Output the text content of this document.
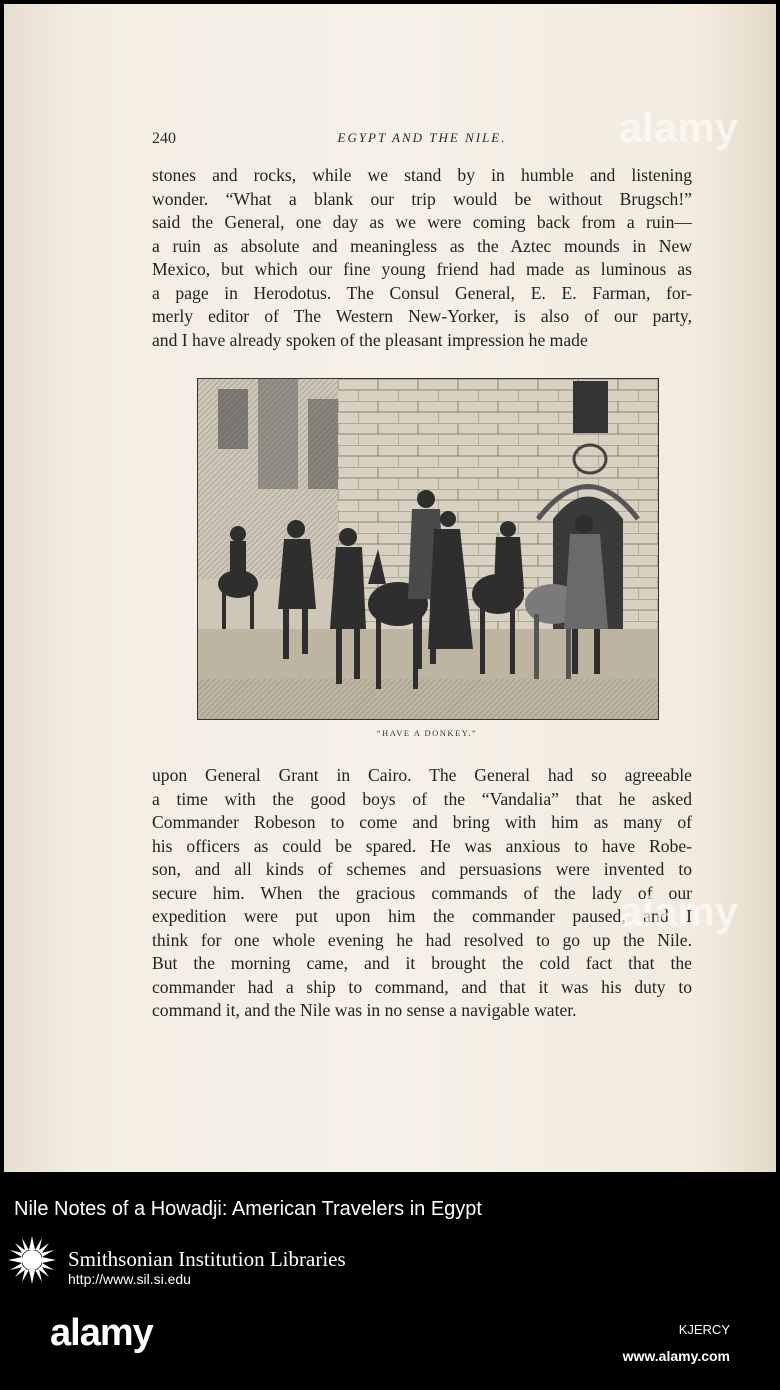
240	EGYPT AND THE NILE.
stones and rocks, while we stand by in humble and listening
wonder. “What a blank our trip would be without Brugsch!”
said the General, one day as we were coming back from a ruin—
a ruin as absolute and meaningless as the Aztec mounds in New
Mexico, but which our fine young friend had made as luminous as
a page in Herodotus. The Consul General, E. E. Farman, for-
merly editor of The Western New-Yorker, is also of our party,
and I have already spoken of the pleasant impression he made
“HAVE A DONKEY.”
upon General Grant in Cairo. The General had so agreeable
a time with the good boys of the “Vandalia” that he asked
Commander Robeson to come and bring with him as many of
his officers as could be spared. He was anxious to have Robe-
son, and all kinds of schemes and persuasions were invented to
secure him. When the gracious commands of the lady of our
expedition were put upon him the commander paused, and I
think for one whole evening he had resolved to go up the Nile.
But the morning came, and it brought the cold fact that the
commander had a ship to command, and that it was his duty to
command it, and the Nile was in no sense a navigable water.
alamy
alamy
Nile Notes of a Howadji: American Travelers in Egypt
Smithsonian Institution Libraries
http://www.sil.si.edu
alamy	KJERCY
www.alamy.com
